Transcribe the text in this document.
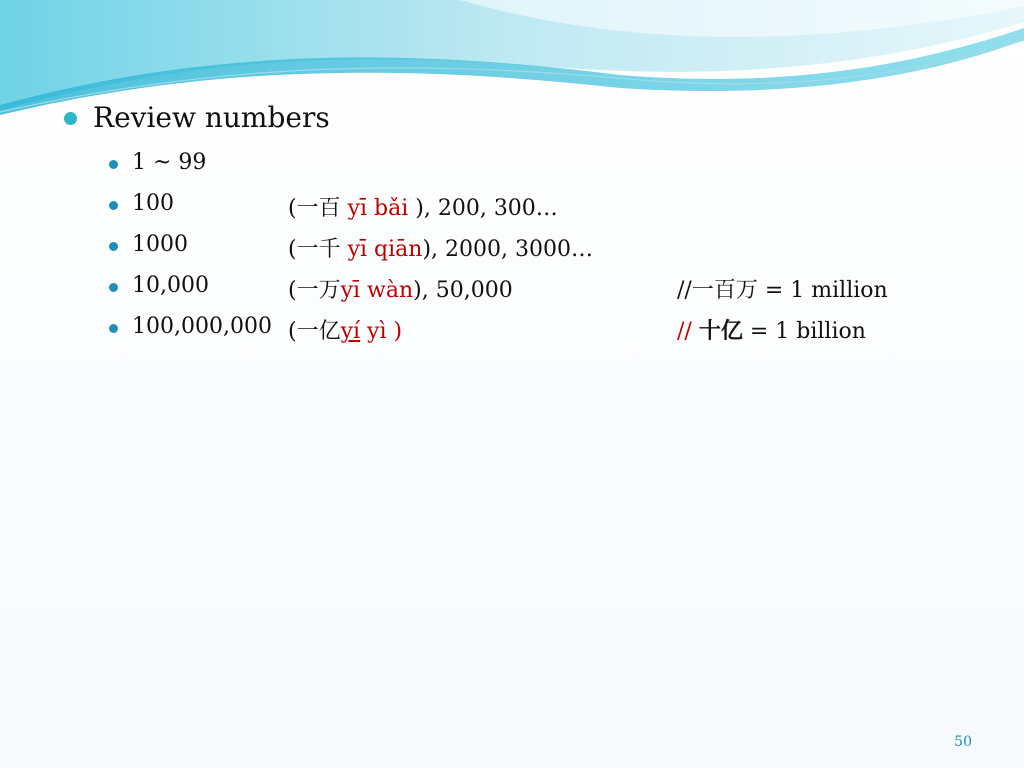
Review numbers
1 ~ 99
100	(一百 yī bǎi ), 200, 300…
1000	(一千 yī qiān), 2000, 3000…
10,000	(一万yī wàn), 50,000	//一百万 = 1 million
100,000,000 (一亿yí yì )	// 十亿 = 1 billion
50
